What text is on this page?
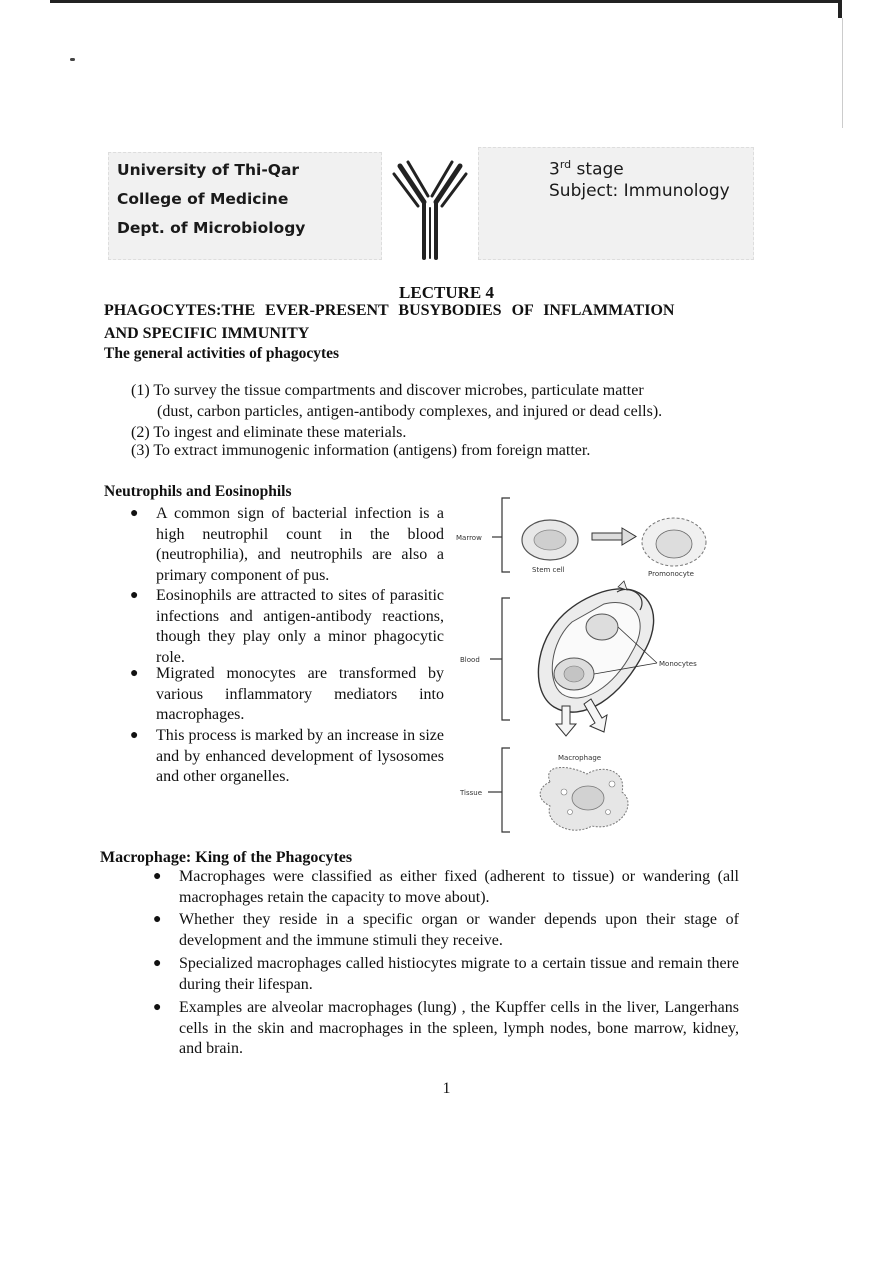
University of Thi-Qar
College of Medicine
Dept. of Microbiology
3rd stage
Subject: Immunology
LECTURE 4
PHAGOCYTES:THE EVER-PRESENT BUSYBODIES OF INFLAMMATION
AND SPECIFIC IMMUNITY
The general activities of phagocytes
(1) To survey the tissue compartments and discover microbes, particulate matter
(dust, carbon particles, antigen-antibody complexes, and injured or dead cells).
(2) To ingest and eliminate these materials.
(3) To extract immunogenic information (antigens) from foreign matter.
Neutrophils and Eosinophils
● A common sign of bacterial infection is a high neutrophil count in the blood (neutrophilia), and neutrophils are also a primary component of pus.
● Eosinophils are attracted to sites of parasitic infections and antigen-antibody reactions, though they play only a minor phagocytic role.
● Migrated monocytes are transformed by various inflammatory mediators into macrophages.
● This process is marked by an increase in size and by enhanced development of lysosomes and other organelles.
Marrow
Blood
Tissue
Stem cell	Promonocyte
Monocytes
Macrophage
Macrophage: King of the Phagocytes
● Macrophages were classified as either fixed (adherent to tissue) or wandering (all macrophages retain the capacity to move about).
● Whether they reside in a specific organ or wander depends upon their stage of development and the immune stimuli they receive.
● Specialized macrophages called histiocytes migrate to a certain tissue and remain there during their lifespan.
● Examples are alveolar macrophages (lung) , the Kupffer cells in the liver, Langerhans cells in the skin and macrophages in the spleen, lymph nodes, bone marrow, kidney, and brain.
1
